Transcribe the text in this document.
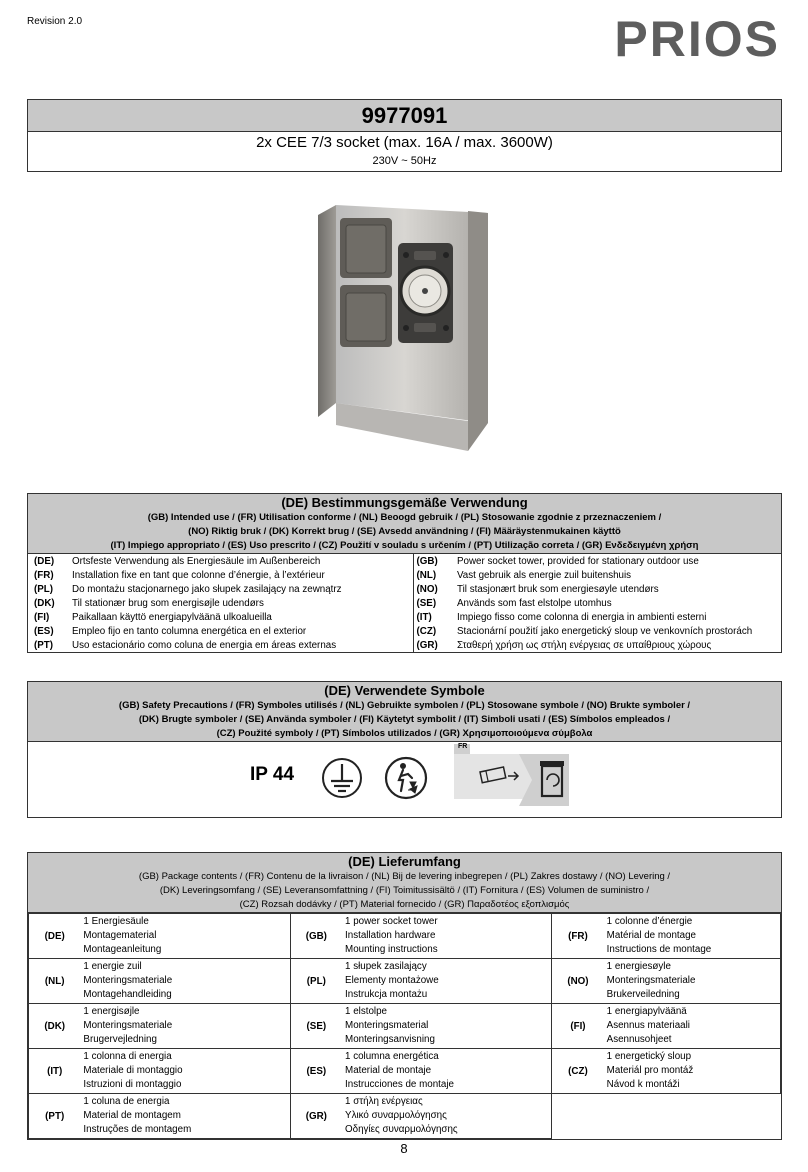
Revision 2.0	PRIOS
9977091
2x CEE 7/3 socket (max. 16A / max. 3600W)
230V ~ 50Hz
(DE) Bestimmungsgemäße Verwendung
(GB) Intended use / (FR) Utilisation conforme / (NL) Beoogd gebruik / (PL) Stosowanie zgodnie z przeznaczeniem /
(NO) Riktig bruk / (DK) Korrekt brug / (SE) Avsedd användning / (FI) Määräystenmukainen käyttö
(IT) Impiego appropriato / (ES) Uso prescrito / (CZ) Použití v souladu s určením / (PT) Utilização correta / (GR) Ενδεδειγμένη χρήση
(DE)	Ortsfeste Verwendung als Energiesäule im Außenbereich	(GB)	Power socket tower, provided for stationary outdoor use
(FR)	Installation fixe en tant que colonne d’énergie, à l’extérieur	(NL)	Vast gebruik als energie zuil buitenshuis
(PL)	Do montażu stacjonarnego jako słupek zasilający na zewnątrz	(NO)	Til stasjonært bruk som energiesøyle utendørs
(DK)	Til stationær brug som energisøjle udendørs	(SE)	Används som fast elstolpe utomhus
(FI)	Paikallaan käyttö energiapylväänä ulkoalueilla	(IT)	Impiego fisso come colonna di energia in ambienti esterni
(ES)	Empleo fijo en tanto columna energética en el exterior	(CZ)	Stacionární použití jako energetický sloup ve venkovních prostorách
(PT)	Uso estacionário como coluna de energia em áreas externas	(GR)	Σταθερή χρήση ως στήλη ενέργειας σε υπαίθριους χώρους
(DE) Verwendete Symbole
(GB) Safety Precautions / (FR) Symboles utilisés / (NL) Gebruikte symbolen / (PL) Stosowane symbole / (NO) Brukte symboler /
(DK) Brugte symboler / (SE) Använda symboler / (FI) Käytetyt symbolit / (IT) Simboli usati / (ES) Símbolos empleados /
(CZ) Použité symboly / (PT) Símbolos utilizados / (GR) Χρησιμοποιούμενα σύμβολα
IP 44
FR
(DE) Lieferumfang
(GB) Package contents / (FR) Contenu de la livraison / (NL) Bij de levering inbegrepen / (PL) Zakres dostawy / (NO) Levering /
(DK) Leveringsomfang / (SE) Leveransomfattning / (FI) Toimitussisältö / (IT) Fornitura / (ES) Volumen de suministro /
(CZ) Rozsah dodávky / (PT) Material fornecido / (GR) Παραδοτέος εξοπλισμός
(DE)	1 Energiesäule
Montagematerial
Montageanleitung	(GB)	1 power socket tower
Installation hardware
Mounting instructions	(FR)	1 colonne d’énergie
Matérial de montage
Instructions de montage

(NL)	1 energie zuil
Monteringsmateriale
Montagehandleiding	(PL)	1 słupek zasilający
Elementy montażowe
Instrukcja montażu	(NO)	1 energiesøyle
Monteringsmateriale
Brukerveiledning

(DK)	1 energisøjle
Monteringsmateriale
Brugervejledning	(SE)	1 elstolpe
Monteringsmaterial
Monteringsanvisning	(FI)	1 energiapylväänä
Asennus materiaali
Asennusohjeet

(IT)	1 colonna di energia
Materiale di montaggio
Istruzioni di montaggio	(ES)	1 columna energética
Material de montaje
Instrucciones de montaje	(CZ)	1 energetický sloup
Materiál pro montáž
Návod k montáži

(PT)	1 coluna de energia
Material de montagem
Instruções de montagem	(GR)	1 στήλη ενέργειας
Υλικό συναρμολόγησης
Οδηγίες συναρμολόγησης		

8
